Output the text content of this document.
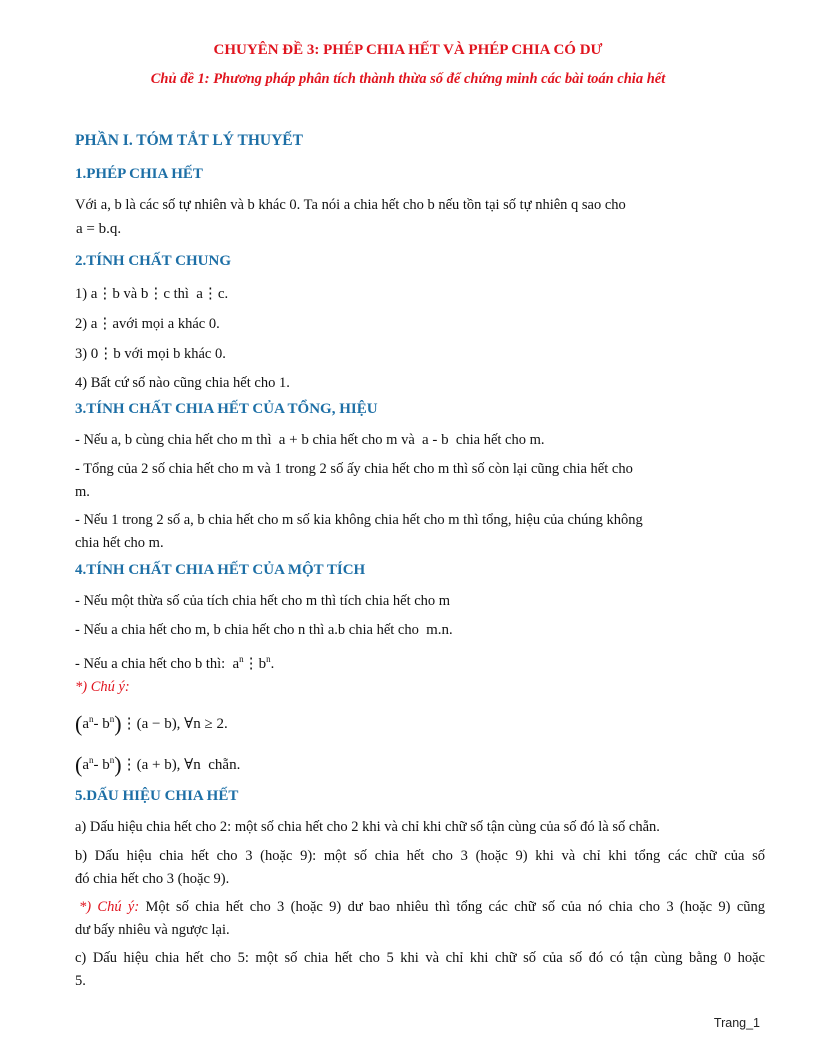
CHUYÊN ĐỀ 3: PHÉP CHIA HẾT VÀ PHÉP CHIA CÓ DƯ
Chủ đề 1: Phương pháp phân tích thành thừa số để chứng minh các bài toán chia hết
PHẦN I. TÓM TẮT LÝ THUYẾT
1.PHÉP CHIA HẾT
Với a, b là các số tự nhiên và b khác 0. Ta nói a chia hết cho b nếu tồn tại số tự nhiên q sao cho
a = b.q.
2.TÍNH CHẤT CHUNG
1) a⋮b và b⋮c thì a⋮c.
2) a⋮avới mọi a khác 0.
3) 0⋮b với mọi b khác 0.
4) Bất cứ số nào cũng chia hết cho 1.
3.TÍNH CHẤT CHIA HẾT CỦA TỔNG, HIỆU
- Nếu a, b cùng chia hết cho m thì a + b chia hết cho m và a - b chia hết cho m.
- Tổng của 2 số chia hết cho m và 1 trong 2 số ấy chia hết cho m thì số còn lại cũng chia hết cho
m.
- Nếu 1 trong 2 số a, b chia hết cho m số kia không chia hết cho m thì tổng, hiệu của chúng không
chia hết cho m.
4.TÍNH CHẤT CHIA HẾT CỦA MỘT TÍCH
- Nếu một thừa số của tích chia hết cho m thì tích chia hết cho m
- Nếu a chia hết cho m, b chia hết cho n thì a.b chia hết cho m.n.
- Nếu a chia hết cho b thì: $a^n⋮b^n$.
*) Chú ý:
($a^n-$ $b^n)⋮(a - b)$, ∀n ≥ 2.
($a^n-$ $b^n)⋮(a + b)$, ∀n chẵn.
5.DẤU HIỆU CHIA HẾT
a) Dấu hiệu chia hết cho 2: một số chia hết cho 2 khi và chỉ khi chữ số tận cùng của số đó là số chẵn.
b) Dấu hiệu chia hết cho 3 (hoặc 9): một số chia hết cho 3 (hoặc 9) khi và chỉ khi tổng các chữ của số
đó chia hết cho 3 (hoặc 9).
*) Chú ý: Một số chia hết cho 3 (hoặc 9) dư bao nhiêu thì tổng các chữ số của nó chia cho 3 (hoặc 9) cũng
dư bấy nhiêu và ngược lại.
c) Dấu hiệu chia hết cho 5: một số chia hết cho 5 khi và chỉ khi chữ số của số đó có tận cùng bằng 0 hoặc
5.
Trang_1
